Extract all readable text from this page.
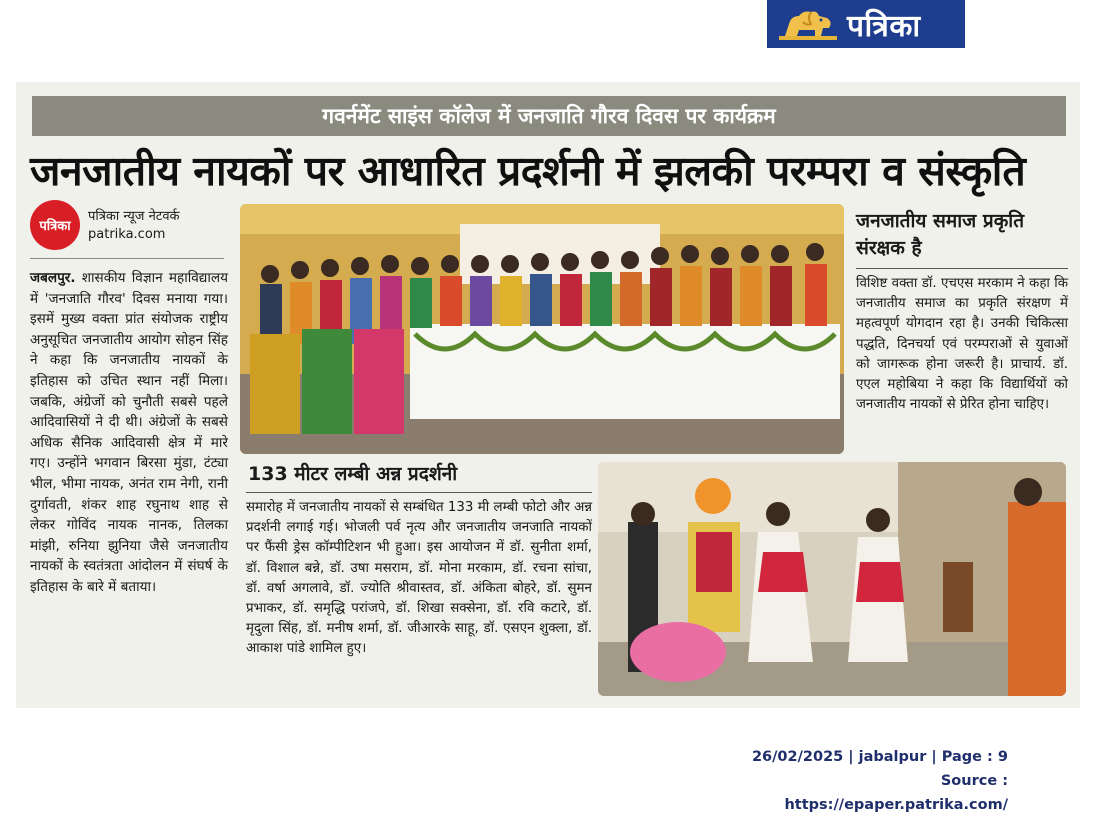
पत्रिका
गवर्नमेंट साइंस कॉलेज में जनजाति गौरव दिवस पर कार्यक्रम
जनजातीय नायकों पर आधारित प्रदर्शनी में झलकी परम्परा व संस्कृति
पत्रिका
पत्रिका न्यूज नेटवर्क
patrika.com
जबलपुर. शासकीय विज्ञान महाविद्यालय में 'जनजाति गौरव' दिवस मनाया गया। इसमें मुख्य वक्ता प्रांत संयोजक राष्ट्रीय अनुसूचित जनजातीय आयोग सोहन सिंह ने कहा कि जनजातीय नायकों के इतिहास को उचित स्थान नहीं मिला। जबकि, अंग्रेजों को चुनौती सबसे पहले आदिवासियों ने दी थी। अंग्रेजों के सबसे अधिक सैनिक आदिवासी क्षेत्र में मारे गए। उन्होंने भगवान बिरसा मुंडा, टंट्या भील, भीमा नायक, अनंत राम नेगी, रानी दुर्गावती, शंकर शाह रघुनाथ शाह से लेकर गोविंद नायक नानक, तिलका मांझी, रुनिया झुनिया जैसे जनजातीय नायकों के स्वतंत्रता आंदोलन में संघर्ष के इतिहास के बारे में बताया।
जनजातीय समाज प्रकृति संरक्षक है
विशिष्ट वक्ता डॉ. एचएस मरकाम ने कहा कि जनजातीय समाज का प्रकृति संरक्षण में महत्वपूर्ण योगदान रहा है। उनकी चिकित्सा पद्धति, दिनचर्या एवं परम्पराओं से युवाओं को जागरूक होना जरूरी है। प्राचार्य. डॉ. एएल महोबिया ने कहा कि विद्यार्थियों को जनजातीय नायकों से प्रेरित होना चाहिए।
133 मीटर लम्बी अन्न प्रदर्शनी
समारोह में जनजातीय नायकों से सम्बंधित 133 मी लम्बी फोटो और अन्न प्रदर्शनी लगाई गई। भोजली पर्व नृत्य और जनजातीय जनजाति नायकों पर फैंसी ड्रेस कॉम्पीटिशन भी हुआ। इस आयोजन में डॉ. सुनीता शर्मा, डॉ. विशाल बन्ने, डॉ. उषा मसराम, डॉ. मोना मरकाम, डॉ. रचना सांचा, डॉ. वर्षा अगलावे, डॉ. ज्योति श्रीवास्तव, डॉ. अंकिता बोहरे, डॉ. सुमन प्रभाकर, डॉ. समृद्धि परांजपे, डॉ. शिखा सक्सेना, डॉ. रवि कटारे, डॉ. मृदुला सिंह, डॉ. मनीष शर्मा, डॉ. जीआरके साहू, डॉ. एसएन शुक्ला, डॉ. आकाश पांडे शामिल हुए।
26/02/2025 | jabalpur | Page : 9
Source : https://epaper.patrika.com/
